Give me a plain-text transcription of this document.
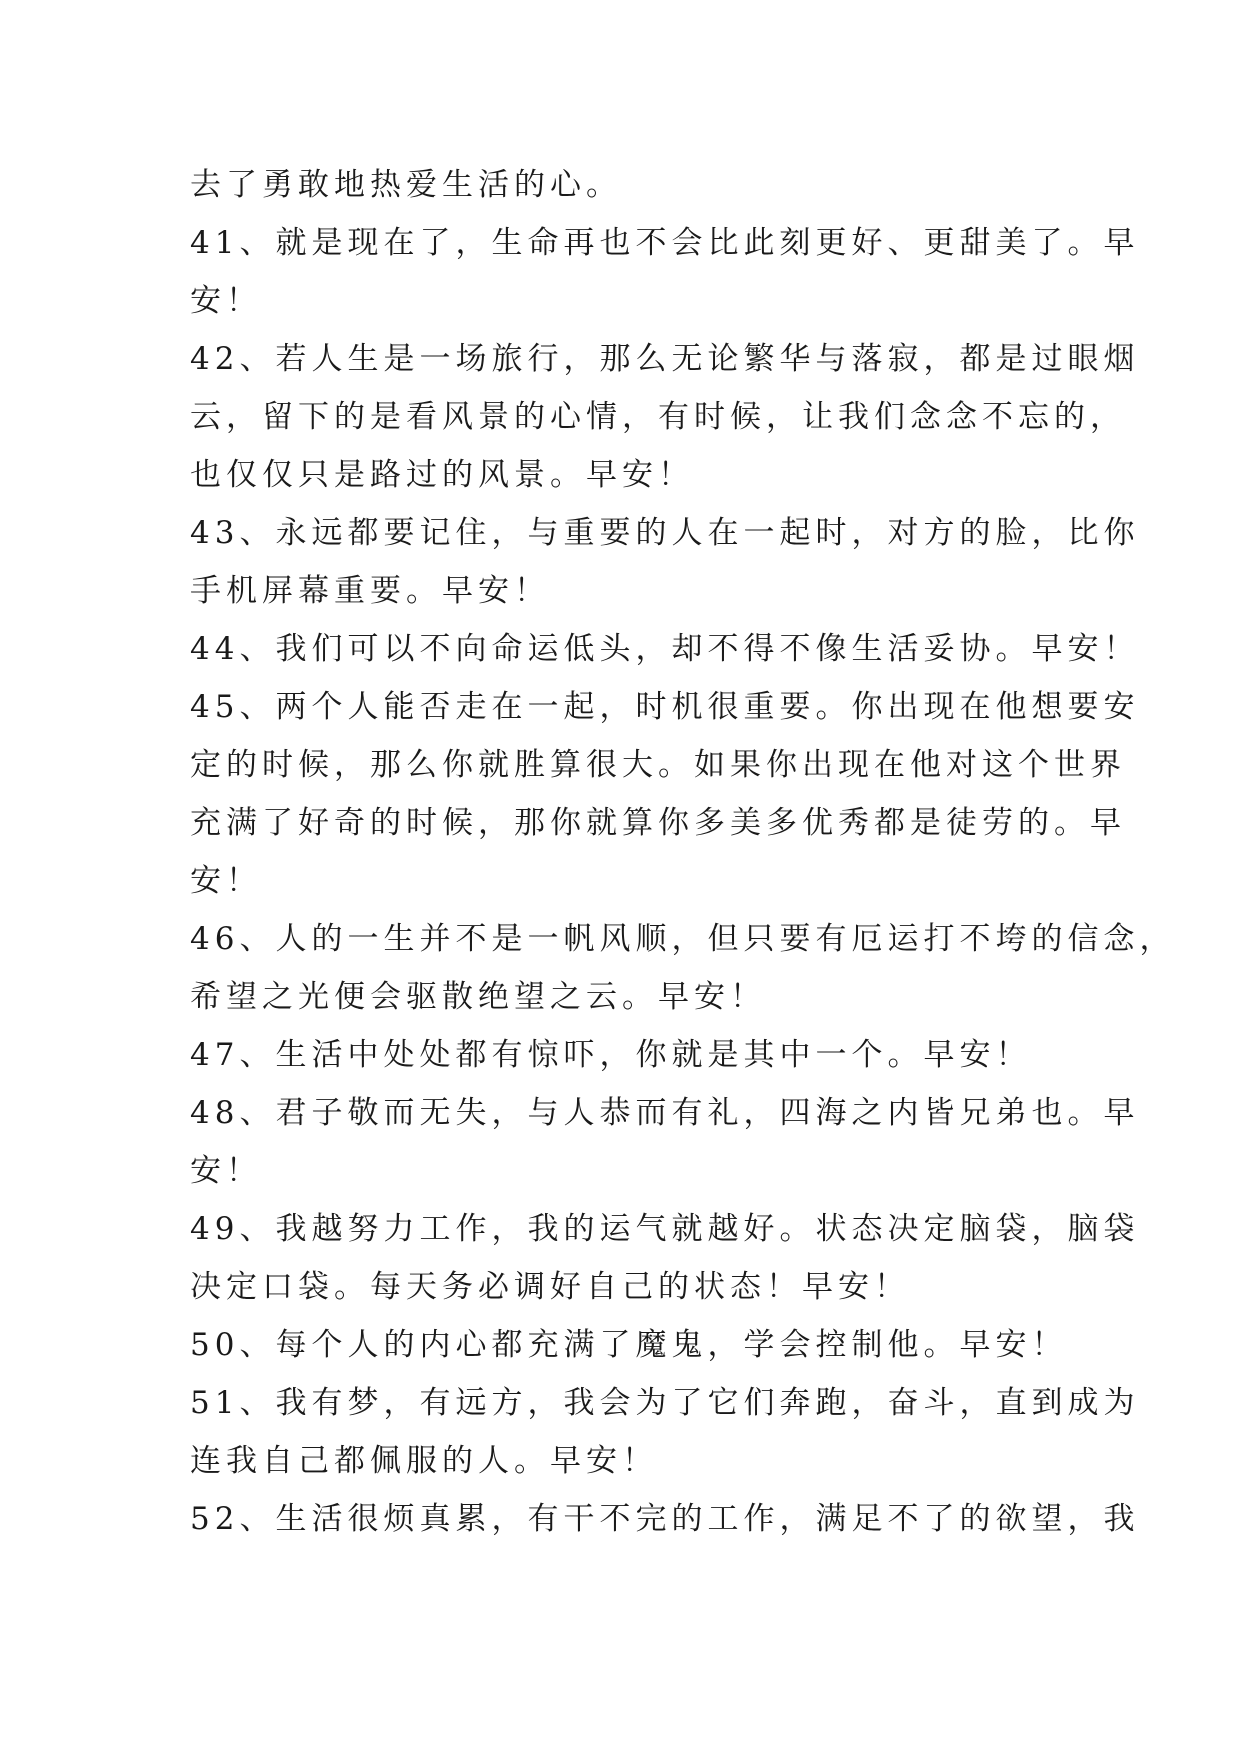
去了勇敢地热爱生活的心。
41、就是现在了，生命再也不会比此刻更好、更甜美了。早
安！
42、若人生是一场旅行，那么无论繁华与落寂，都是过眼烟
云，留下的是看风景的心情，有时候，让我们念念不忘的，
也仅仅只是路过的风景。早安！
43、永远都要记住，与重要的人在一起时，对方的脸，比你
手机屏幕重要。早安！
44、我们可以不向命运低头，却不得不像生活妥协。早安！
45、两个人能否走在一起，时机很重要。你出现在他想要安
定的时候，那么你就胜算很大。如果你出现在他对这个世界
充满了好奇的时候，那你就算你多美多优秀都是徒劳的。早
安！
46、人的一生并不是一帆风顺，但只要有厄运打不垮的信念，
希望之光便会驱散绝望之云。早安！
47、生活中处处都有惊吓，你就是其中一个。早安！
48、君子敬而无失，与人恭而有礼，四海之内皆兄弟也。早
安！
49、我越努力工作，我的运气就越好。状态决定脑袋，脑袋
决定口袋。每天务必调好自己的状态！早安！
50、每个人的内心都充满了魔鬼，学会控制他。早安！
51、我有梦，有远方，我会为了它们奔跑，奋斗，直到成为
连我自己都佩服的人。早安！
52、生活很烦真累，有干不完的工作，满足不了的欲望，我
